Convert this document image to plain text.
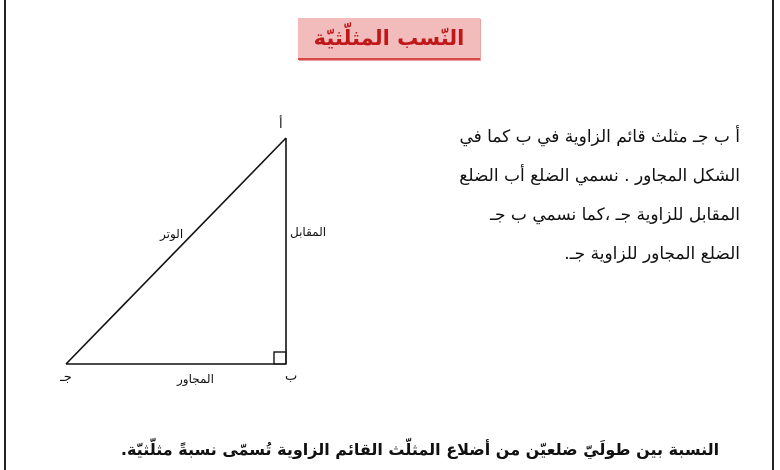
النّسب المثلّثيّة
أ ب جـ مثلث قائم الزاوية في ب كما في
الشكل المجاور . نسمي الضلع أب الضلع
المقابل للزاوية جـ ،كما نسمي ب جـ
الضلع المجاور للزاوية جـ.
أ
ب
جـ
الوتر	المقابل
المجاور
النسبة بين طولَيّ ضلعيّن من أضلاع المثلّث القائم الزاوية تُسمّى نسبةً مثلّثيّة.
